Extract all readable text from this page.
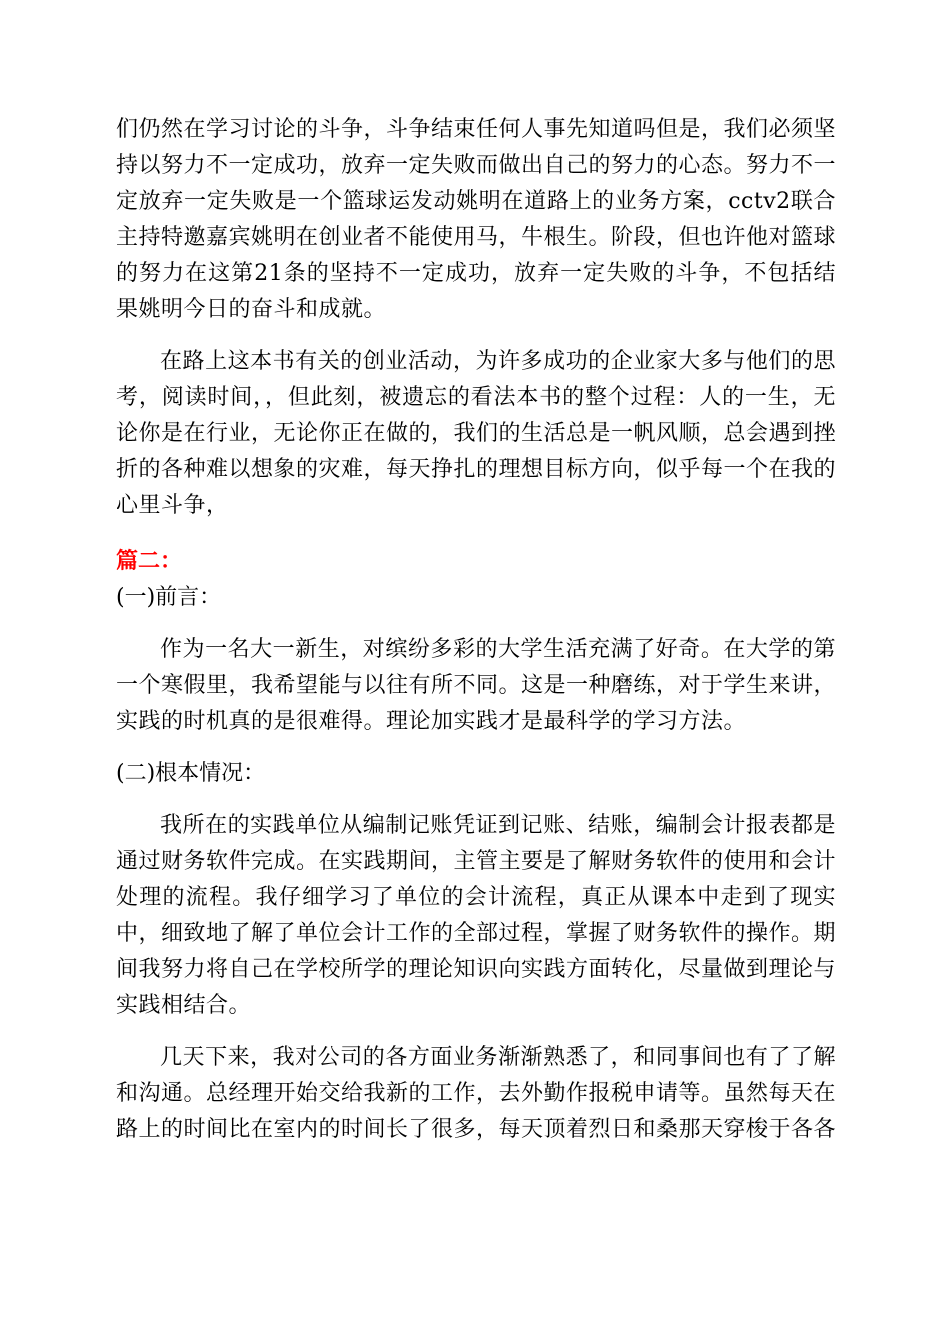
们仍然在学习讨论的斗争，斗争结束任何人事先知道吗但是，我们必须坚持以努力不一定成功，放弃一定失败而做出自己的努力的心态。努力不一定放弃一定失败是一个篮球运发动姚明在道路上的业务方案，cctv2联合主持特邀嘉宾姚明在创业者不能使用马，牛根生。阶段，但也许他对篮球的努力在这第21条的坚持不一定成功，放弃一定失败的斗争，不包括结果姚明今日的奋斗和成就。

在路上这本书有关的创业活动，为许多成功的企业家大多与他们的思考，阅读时间，，但此刻，被遗忘的看法本书的整个过程：人的一生，无论你是在行业，无论你正在做的，我们的生活总是一帆风顺，总会遇到挫折的各种难以想象的灾难，每天挣扎的理想目标方向，似乎每一个在我的心里斗争，

篇二：

(一)前言：

作为一名大一新生，对缤纷多彩的大学生活充满了好奇。在大学的第一个寒假里，我希望能与以往有所不同。这是一种磨练，对于学生来讲，实践的时机真的是很难得。理论加实践才是最科学的学习方法。

(二)根本情况：

我所在的实践单位从编制记账凭证到记账、结账，编制会计报表都是通过财务软件完成。在实践期间，主管主要是了解财务软件的使用和会计处理的流程。我仔细学习了单位的会计流程，真正从课本中走到了现实中，细致地了解了单位会计工作的全部过程，掌握了财务软件的操作。期间我努力将自己在学校所学的理论知识向实践方面转化，尽量做到理论与实践相结合。

几天下来，我对公司的各方面业务渐渐熟悉了，和同事间也有了了解和沟通。总经理开始交给我新的工作，去外勤作报税申请等。虽然每天在路上的时间比在室内的时间长了很多，每天顶着烈日和桑那天穿梭于各各
